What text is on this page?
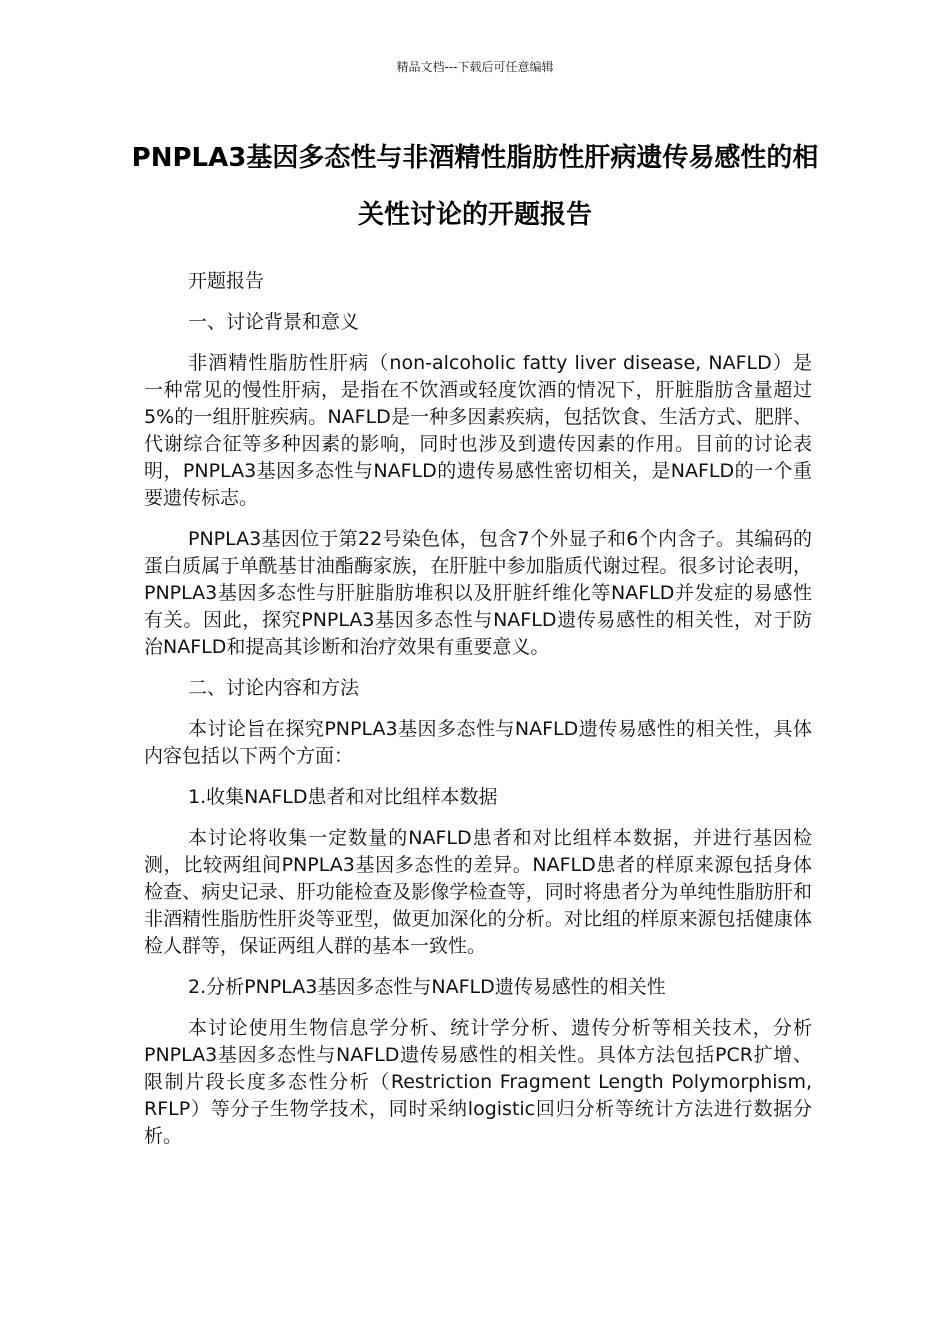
精品文档---下载后可任意编辑
PNPLA3基因多态性与非酒精性脂肪性肝病遗传易感性的相关性讨论的开题报告

开题报告

一、讨论背景和意义

非酒精性脂肪性肝病（non-alcoholic fatty liver disease, NAFLD）是一种常见的慢性肝病，是指在不饮酒或轻度饮酒的情况下，肝脏脂肪含量超过5%的一组肝脏疾病。NAFLD是一种多因素疾病，包括饮食、生活方式、肥胖、代谢综合征等多种因素的影响，同时也涉及到遗传因素的作用。目前的讨论表明，PNPLA3基因多态性与NAFLD的遗传易感性密切相关，是NAFLD的一个重要遗传标志。

PNPLA3基因位于第22号染色体，包含7个外显子和6个内含子。其编码的蛋白质属于单酰基甘油酯酶家族，在肝脏中参加脂质代谢过程。很多讨论表明，PNPLA3基因多态性与肝脏脂肪堆积以及肝脏纤维化等NAFLD并发症的易感性有关。因此，探究PNPLA3基因多态性与NAFLD遗传易感性的相关性，对于防治NAFLD和提高其诊断和治疗效果有重要意义。

二、讨论内容和方法

本讨论旨在探究PNPLA3基因多态性与NAFLD遗传易感性的相关性，具体内容包括以下两个方面：

1.收集NAFLD患者和对比组样本数据

本讨论将收集一定数量的NAFLD患者和对比组样本数据，并进行基因检测，比较两组间PNPLA3基因多态性的差异。NAFLD患者的样原来源包括身体检查、病史记录、肝功能检查及影像学检查等，同时将患者分为单纯性脂肪肝和非酒精性脂肪性肝炎等亚型，做更加深化的分析。对比组的样原来源包括健康体检人群等，保证两组人群的基本一致性。

2.分析PNPLA3基因多态性与NAFLD遗传易感性的相关性

本讨论使用生物信息学分析、统计学分析、遗传分析等相关技术，分析PNPLA3基因多态性与NAFLD遗传易感性的相关性。具体方法包括PCR扩增、限制片段长度多态性分析（Restriction Fragment Length Polymorphism, RFLP）等分子生物学技术，同时采纳logistic回归分析等统计方法进行数据分析。
